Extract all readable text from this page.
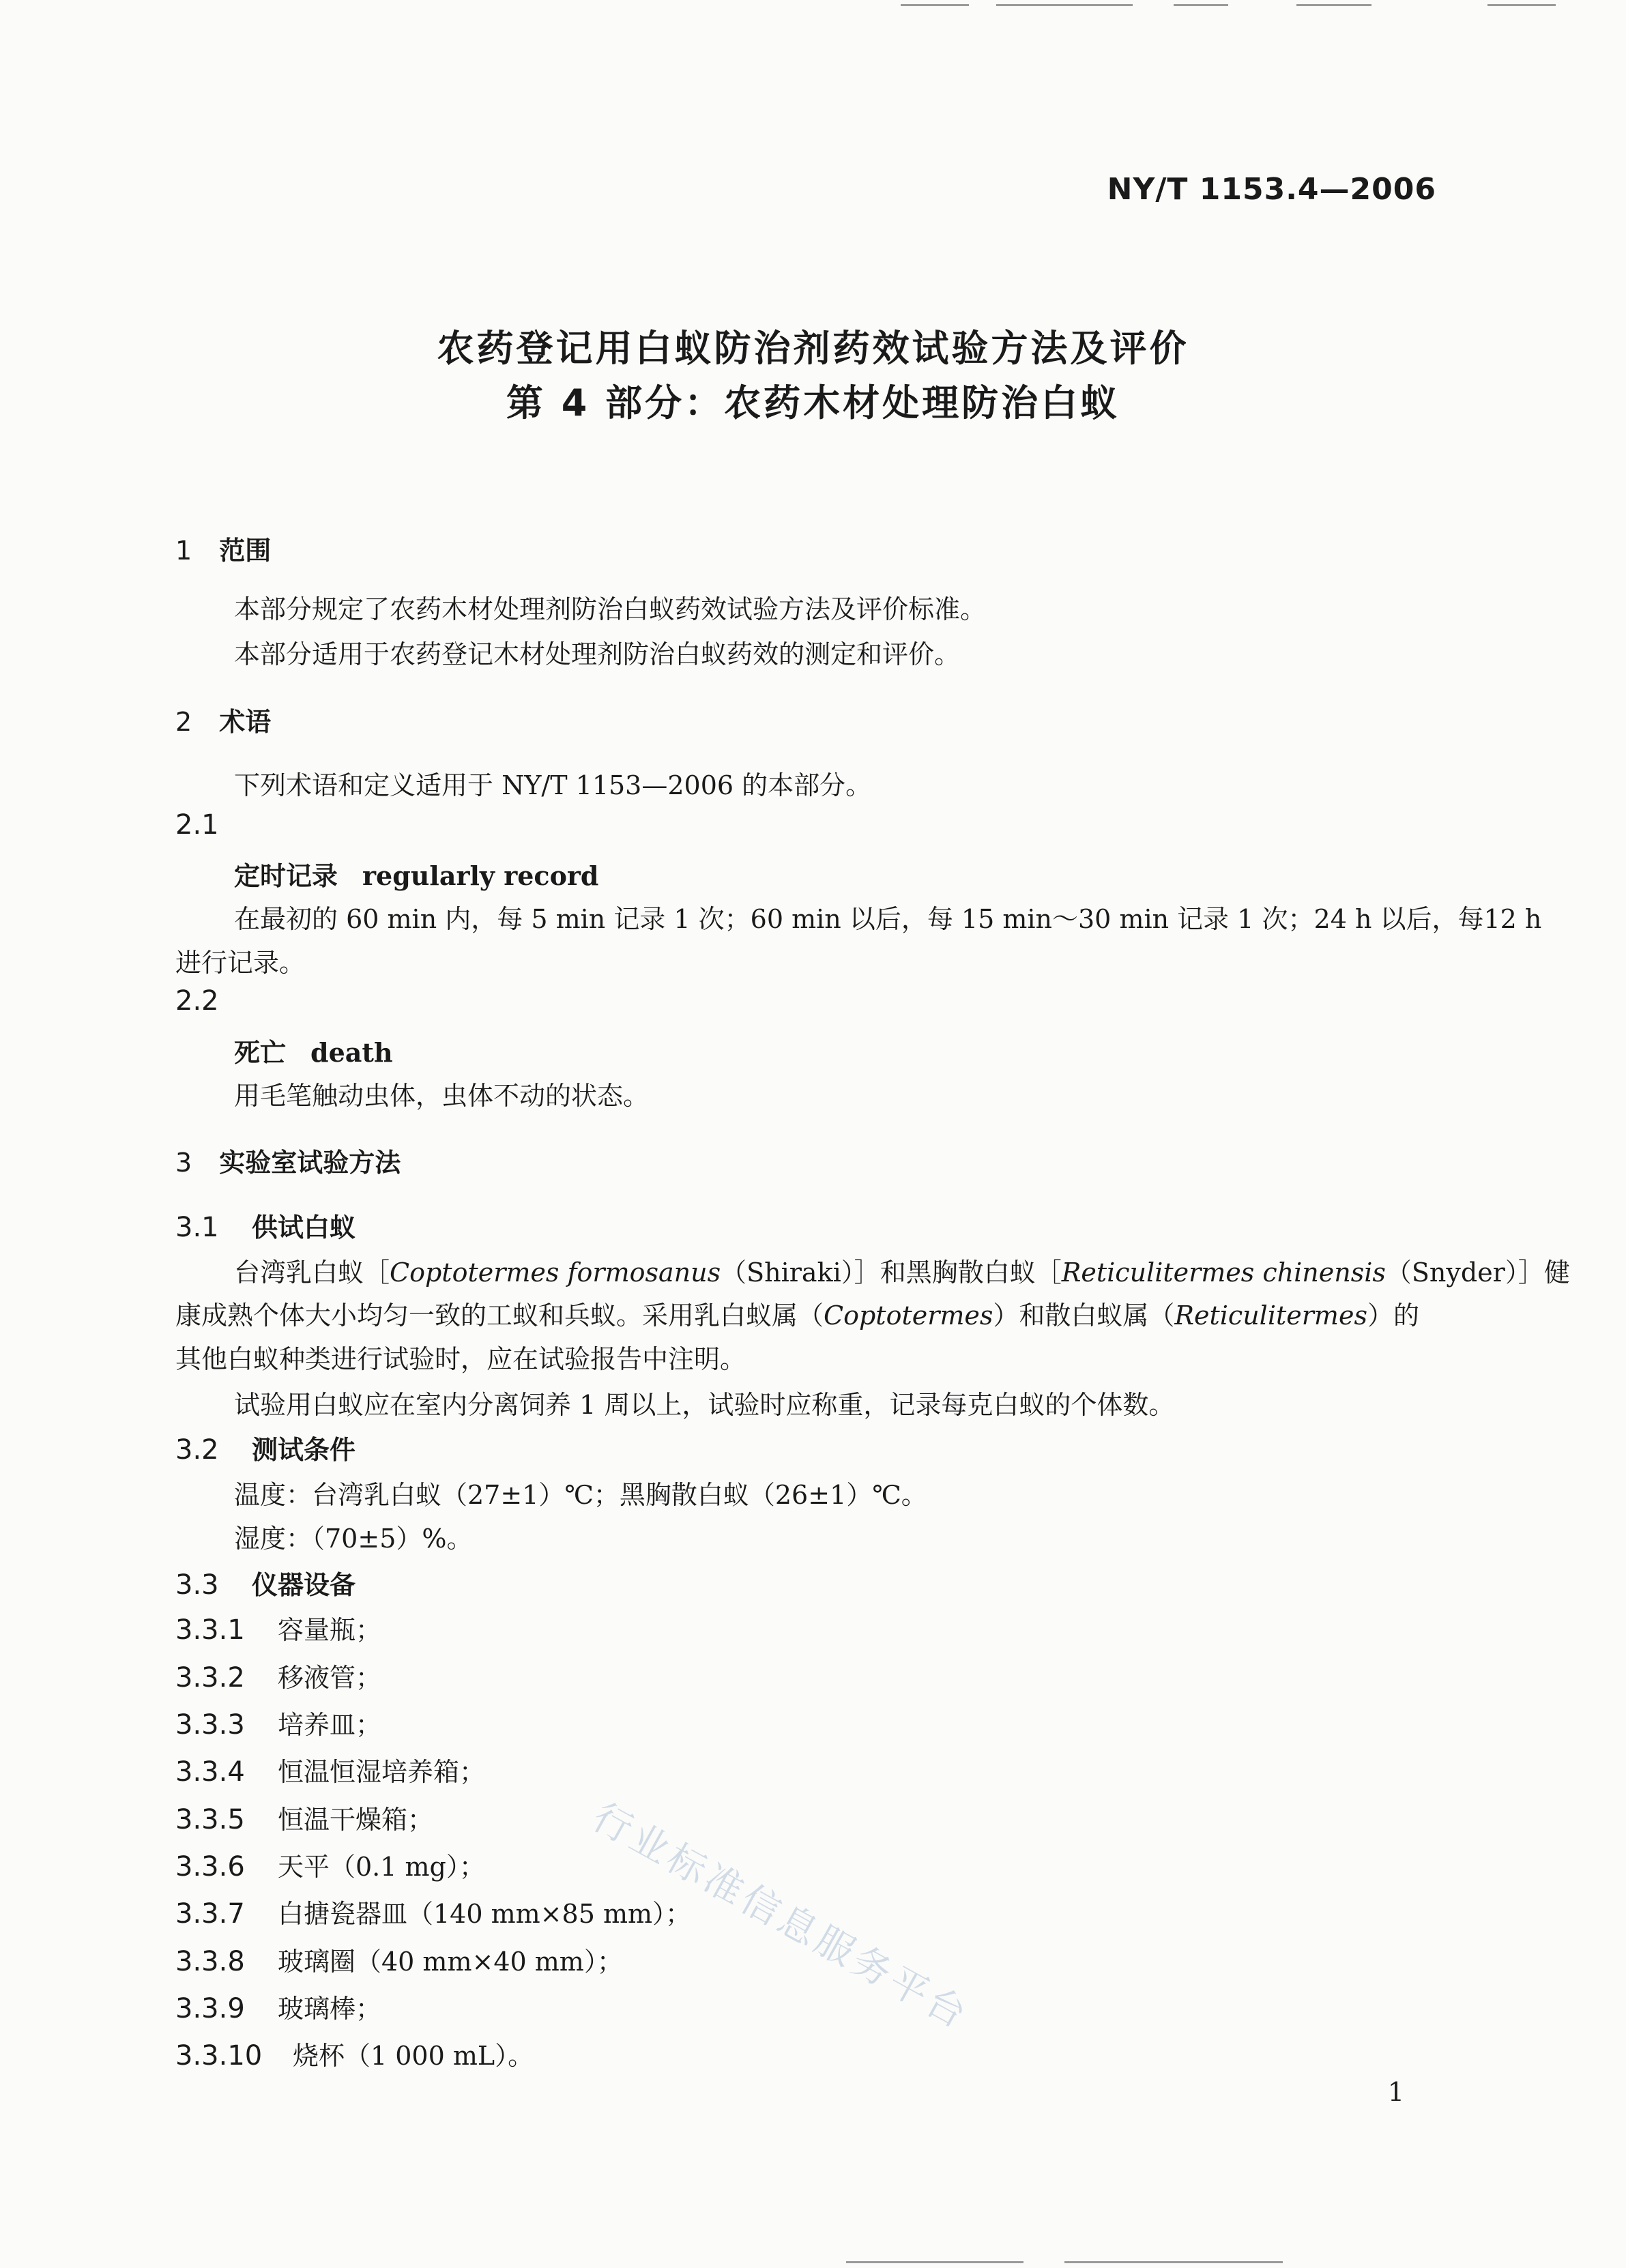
NY/T 1153.4—2006
农药登记用白蚁防治剂药效试验方法及评价
第 4 部分：农药木材处理防治白蚁
1 范围
本部分规定了农药木材处理剂防治白蚁药效试验方法及评价标准。
本部分适用于农药登记木材处理剂防治白蚁药效的测定和评价。
2 术语
下列术语和定义适用于 NY/T 1153—2006 的本部分。
2.1
定时记录 regularly record
在最初的 60 min 内，每 5 min 记录 1 次；60 min 以后，每 15 min～30 min 记录 1 次；24 h 以后，每12 h
进行记录。
2.2
死亡 death
用毛笔触动虫体，虫体不动的状态。
3 实验室试验方法
3.1 供试白蚁
台湾乳白蚁［Coptotermes formosanus（Shiraki）］和黑胸散白蚁［Reticulitermes chinensis（Snyder）］健
康成熟个体大小均匀一致的工蚁和兵蚁。采用乳白蚁属（Coptotermes）和散白蚁属（Reticulitermes）的
其他白蚁种类进行试验时，应在试验报告中注明。
试验用白蚁应在室内分离饲养 1 周以上，试验时应称重，记录每克白蚁的个体数。
3.2 测试条件
温度：台湾乳白蚁（27±1）℃；黑胸散白蚁（26±1）℃。
湿度：（70±5）%。
3.3 仪器设备
3.3.1 容量瓶；
3.3.2 移液管；
3.3.3 培养皿；
3.3.4 恒温恒湿培养箱；
3.3.5 恒温干燥箱；
3.3.6 天平（0.1 mg）；
3.3.7 白搪瓷器皿（140 mm×85 mm）；
3.3.8 玻璃圈（40 mm×40 mm）；
3.3.9 玻璃棒；
3.3.10 烧杯（1 000 mL）。
行业标准信息服务平台
1
